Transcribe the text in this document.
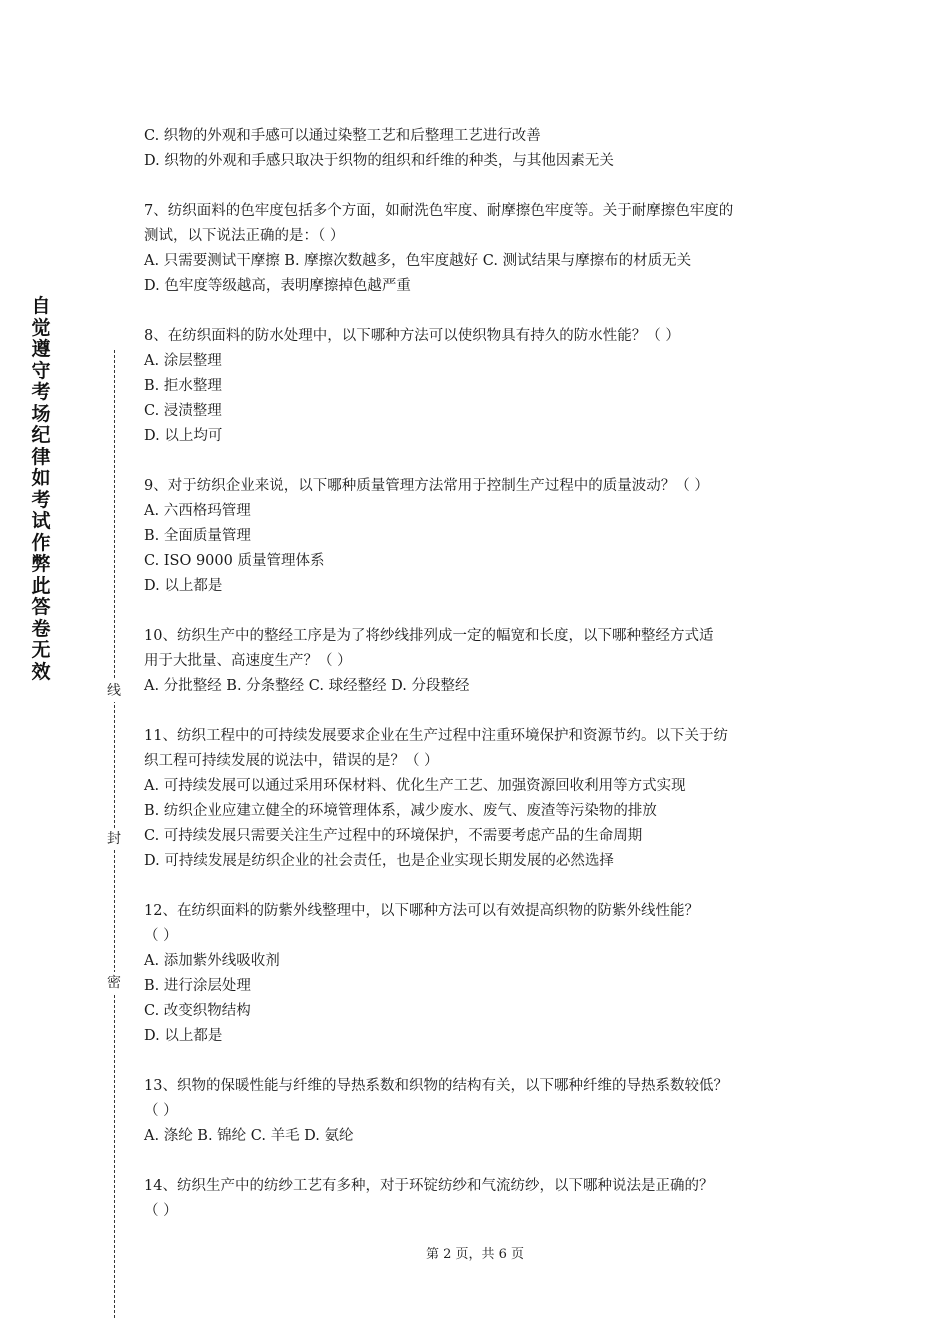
自
觉
遵
守
考
场
纪
律
如
考
试
作
弊
此
答
卷
无
效
线
封
密
C. 织物的外观和手感可以通过染整工艺和后整理工艺进行改善
D. 织物的外观和手感只取决于织物的组织和纤维的种类，与其他因素无关
7、纺织面料的色牢度包括多个方面，如耐洗色牢度、耐摩擦色牢度等。关于耐摩擦色牢度的
测试，以下说法正确的是：（ ）
A. 只需要测试干摩擦 B. 摩擦次数越多，色牢度越好 C. 测试结果与摩擦布的材质无关
D. 色牢度等级越高，表明摩擦掉色越严重
8、在纺织面料的防水处理中，以下哪种方法可以使织物具有持久的防水性能？（ ）
A. 涂层整理
B. 拒水整理
C. 浸渍整理
D. 以上均可
9、对于纺织企业来说，以下哪种质量管理方法常用于控制生产过程中的质量波动？（ ）
A. 六西格玛管理
B. 全面质量管理
C. ISO 9000 质量管理体系
D. 以上都是
10、纺织生产中的整经工序是为了将纱线排列成一定的幅宽和长度，以下哪种整经方式适
用于大批量、高速度生产？（ ）
A. 分批整经 B. 分条整经 C. 球经整经 D. 分段整经
11、纺织工程中的可持续发展要求企业在生产过程中注重环境保护和资源节约。以下关于纺
织工程可持续发展的说法中，错误的是？（ ）
A. 可持续发展可以通过采用环保材料、优化生产工艺、加强资源回收利用等方式实现
B. 纺织企业应建立健全的环境管理体系，减少废水、废气、废渣等污染物的排放
C. 可持续发展只需要关注生产过程中的环境保护，不需要考虑产品的生命周期
D. 可持续发展是纺织企业的社会责任，也是企业实现长期发展的必然选择
12、在纺织面料的防紫外线整理中，以下哪种方法可以有效提高织物的防紫外线性能？
（ ）
A. 添加紫外线吸收剂
B. 进行涂层处理
C. 改变织物结构
D. 以上都是
13、织物的保暖性能与纤维的导热系数和织物的结构有关，以下哪种纤维的导热系数较低？
（ ）
A. 涤纶 B. 锦纶 C. 羊毛 D. 氨纶
14、纺织生产中的纺纱工艺有多种，对于环锭纺纱和气流纺纱，以下哪种说法是正确的？
（ ）
第 2 页，共 6 页
